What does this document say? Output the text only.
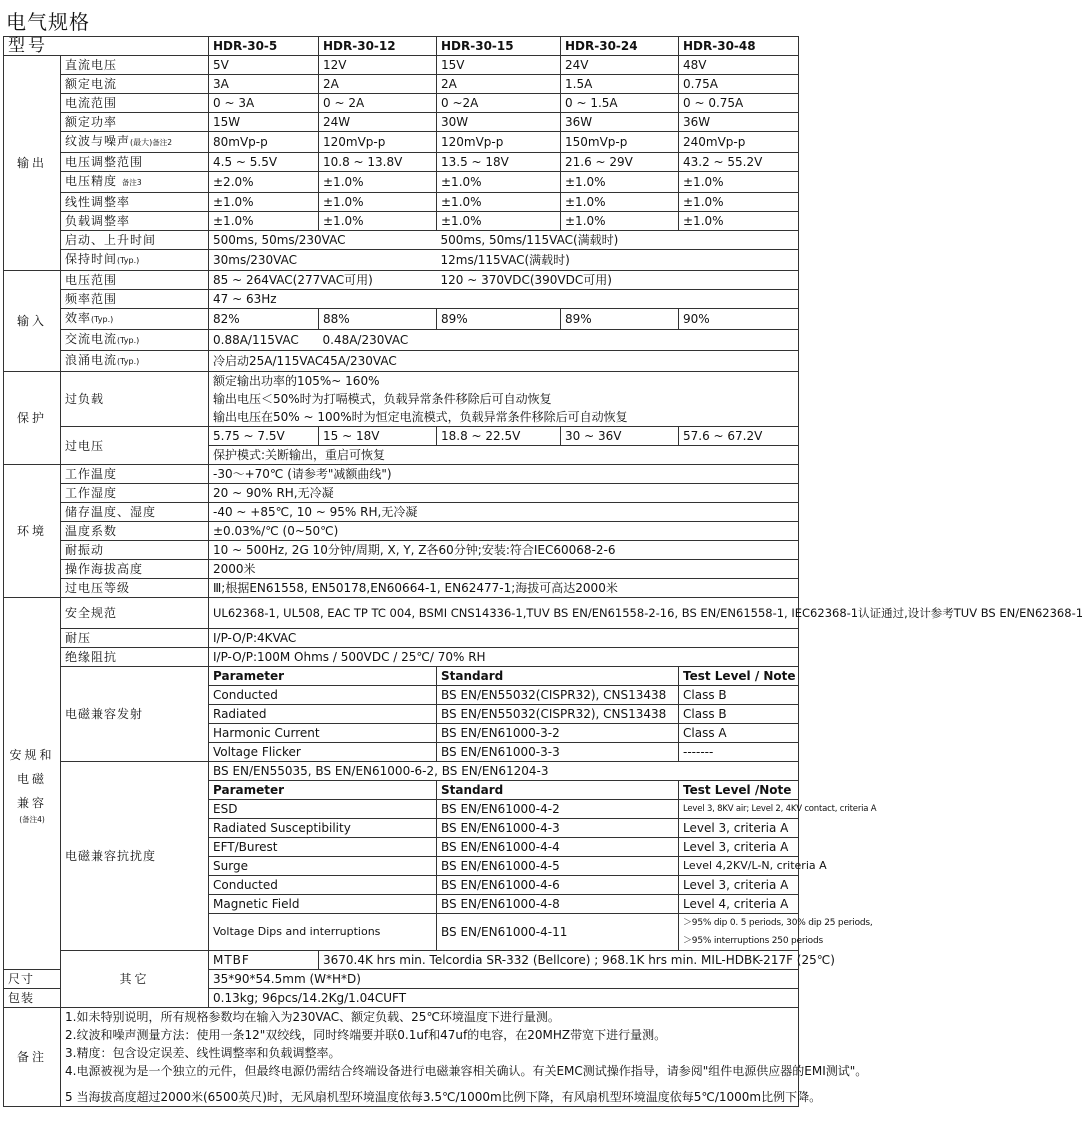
电气规格
型号		HDR-30-5	HDR-30-12	HDR-30-15	HDR-30-24	HDR-30-48
输出	直流电压	5V	12V	15V	24V	48V
	额定电流	3A	2A	2A	1.5A	0.75A
	电流范围	0 ~ 3A	0 ~ 2A	0 ~2A	0 ~ 1.5A	0 ~ 0.75A
	额定功率	15W	24W	30W	36W	36W
	纹波与噪声(最大)备注2	80mVp-p	120mVp-p	120mVp-p	150mVp-p	240mVp-p
	电压调整范围	4.5 ~ 5.5V	10.8 ~ 13.8V	13.5 ~ 18V	21.6 ~ 29V	43.2 ~ 55.2V
	电压精度 备注3	±2.0%	±1.0%	±1.0%	±1.0%	±1.0%
	线性调整率	±1.0%	±1.0%	±1.0%	±1.0%	±1.0%
	负载调整率	±1.0%	±1.0%	±1.0%	±1.0%	±1.0%
	启动、上升时间	500ms, 50ms/230VAC		500ms, 50ms/115VAC(满载时)		
	保持时间(Typ.)	30ms/230VAC		12ms/115VAC(满载时)		
输入	电压范围	85 ~ 264VAC(277VAC可用)		120 ~ 370VDC(390VDC可用)		
	频率范围	47 ~ 63Hz				
	效率(Typ.)	82%	88%	89%	89%	90%
	交流电流(Typ.)	0.88A/115VAC	0.48A/230VAC			
	浪涌电流(Typ.)	冷启动25A/115VAC	45A/230VAC			
保护	过负载	额定输出功率的105%~ 160%				
		输出电压＜50%时为打嗝模式，负载异常条件移除后可自动恢复				
		输出电压在50% ~ 100%时为恒定电流模式，负载异常条件移除后可自动恢复				
	过电压	5.75 ~ 7.5V	15 ~ 18V	18.8 ~ 22.5V	30 ~ 36V	57.6 ~ 67.2V
		保护模式:关断输出，重启可恢复				
环境	工作温度	-30～+70℃ (请参考"减额曲线")				
	工作湿度	20 ~ 90% RH,无冷凝				
	储存温度、湿度	-40 ~ +85℃, 10 ~ 95% RH,无冷凝				
	温度系数	±0.03%/℃ (0~50℃)				
	耐振动	10 ~ 500Hz, 2G 10分钟/周期, X, Y, Z各60分钟;安装:符合IEC60068-2-6				
	操作海拔高度	2000米				
	过电压等级	Ⅲ;根据EN61558, EN50178,EN60664-1, EN62477-1;海拔可高达2000米				

安规和
电磁
兼容
(备注4)	安全规范	UL62368-1, UL508, EAC TP TC 004, BSMI CNS14336-1,TUV BS EN/EN61558-2-16, BS EN/EN61558-1, IEC62368-1认证通过,设计参考TUV BS EN/EN62368-1				
	耐压	I/P-O/P:4KVAC				
	绝缘阻抗	I/P-O/P:100M Ohms / 500VDC / 25℃/ 70% RH				
	电磁兼容发射	Parameter		Standard		Test Level / Note
		Conducted		BS EN/EN55032(CISPR32), CNS13438		Class B
		Radiated		BS EN/EN55032(CISPR32), CNS13438		Class B
		Harmonic Current		BS EN/EN61000-3-2		Class A
		Voltage Flicker		BS EN/EN61000-3-3		-------
	电磁兼容抗扰度	BS EN/EN55035, BS EN/EN61000-6-2, BS EN/EN61204-3				
		Parameter		Standard		Test Level /Note
		ESD		BS EN/EN61000-4-2		Level 3, 8KV air; Level 2, 4KV contact, criteria A
		Radiated Susceptibility		BS EN/EN61000-4-3		Level 3, criteria A
		EFT/Burest		BS EN/EN61000-4-4		Level 3, criteria A
		Surge		BS EN/EN61000-4-5		Level 4,2KV/L-N, criteria A
		Conducted		BS EN/EN61000-4-6		Level 3, criteria A
		Magnetic Field		BS EN/EN61000-4-8		Level 4, criteria A
		Voltage Dips and interruptions		BS EN/EN61000-4-11		＞95% dip 0. 5 periods, 30% dip 25 periods,
						＞95% interruptions 250 periods
	其它	MTBF	3670.4K hrs min. Telcordia SR-332 (Bellcore) ; 968.1K hrs min. MIL-HDBK-217F (25℃)			
尺寸		35*90*54.5mm (W*H*D)				
包装		0.13kg; 96pcs/14.2Kg/1.04CUFT				
备注	1.如未特别说明，所有规格参数均在输入为230VAC、额定负载、25℃环境温度下进行量测。

2.纹波和噪声测量方法：使用一条12"双绞线，同时终端要并联0.1uf和47uf的电容，在20MHZ带宽下进行量测。

3.精度：包含设定误差、线性调整率和负载调整率。

4.电源被视为是一个独立的元件，但最终电源仍需结合终端设备进行电磁兼容相关确认。有关EMC测试操作指导，请参阅"组件电源供应器的EMI测试"。

5 当海拔高度超过2000米(6500英尺)时，无风扇机型环境温度依每3.5℃/1000m比例下降，有风扇机型环境温度依每5℃/1000m比例下降。					
